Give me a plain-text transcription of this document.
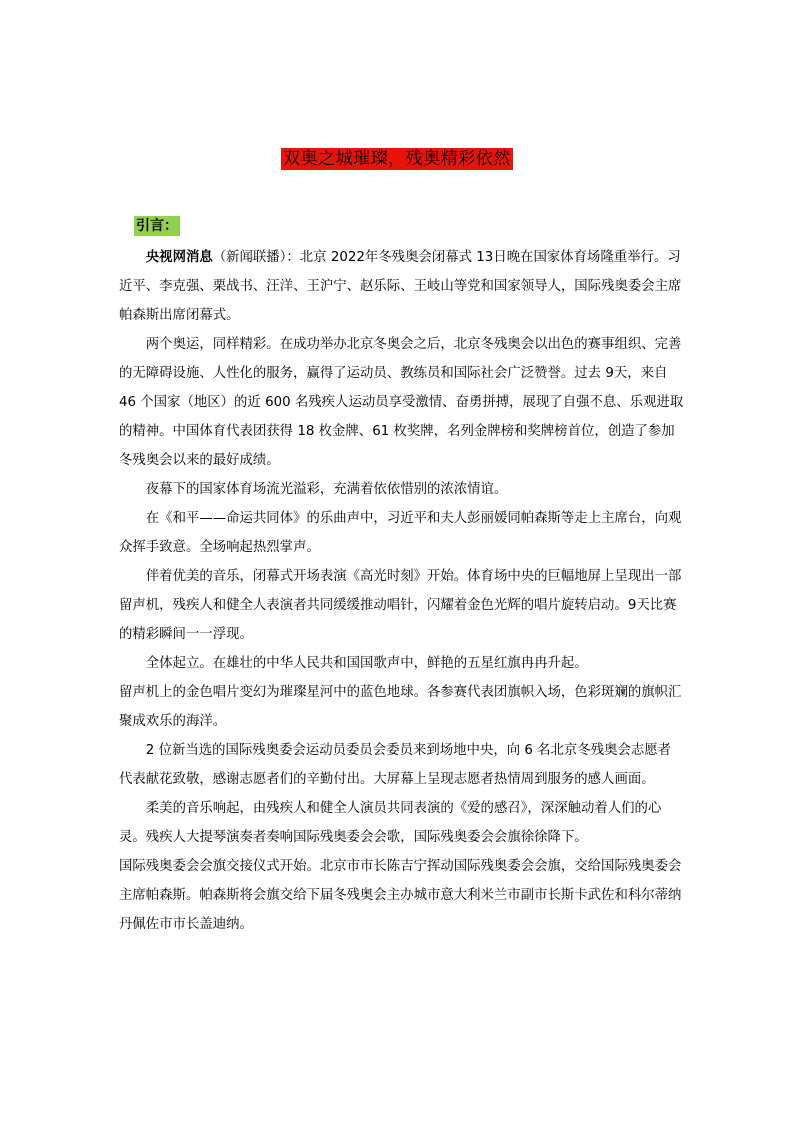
双奥之城璀璨，残奥精彩依然
引言：

央视网消息（新闻联播）：北京 2022年冬残奥会闭幕式 13日晚在国家体育场隆重举行。习近平、李克强、栗战书、汪洋、王沪宁、赵乐际、王岐山等党和国家领导人，国际残奥委会主席帕森斯出席闭幕式。

两个奥运，同样精彩。在成功举办北京冬奥会之后，北京冬残奥会以出色的赛事组织、完善的无障碍设施、人性化的服务，赢得了运动员、教练员和国际社会广泛赞誉。过去 9天，来自 46 个国家（地区）的近 600 名残疾人运动员享受激情、奋勇拼搏，展现了自强不息、乐观进取的精神。中国体育代表团获得 18 枚金牌、61 枚奖牌，名列金牌榜和奖牌榜首位，创造了参加冬残奥会以来的最好成绩。

夜幕下的国家体育场流光溢彩，充满着依依惜别的浓浓情谊。

在《和平——命运共同体》的乐曲声中，习近平和夫人彭丽媛同帕森斯等走上主席台，向观众挥手致意。全场响起热烈掌声。

伴着优美的音乐，闭幕式开场表演《高光时刻》开始。体育场中央的巨幅地屏上呈现出一部留声机，残疾人和健全人表演者共同缓缓推动唱针，闪耀着金色光辉的唱片旋转启动。9天比赛的精彩瞬间一一浮现。

全体起立。在雄壮的中华人民共和国国歌声中，鲜艳的五星红旗冉冉升起。

留声机上的金色唱片变幻为璀璨星河中的蓝色地球。各参赛代表团旗帜入场，色彩斑斓的旗帜汇聚成欢乐的海洋。

2 位新当选的国际残奥委会运动员委员会委员来到场地中央，向 6 名北京冬残奥会志愿者代表献花致敬，感谢志愿者们的辛勤付出。大屏幕上呈现志愿者热情周到服务的感人画面。

柔美的音乐响起，由残疾人和健全人演员共同表演的《爱的感召》，深深触动着人们的心灵。残疾人大提琴演奏者奏响国际残奥委会会歌，国际残奥委会会旗徐徐降下。

国际残奥委会会旗交接仪式开始。北京市市长陈吉宁挥动国际残奥委会会旗，交给国际残奥委会主席帕森斯。帕森斯将会旗交给下届冬残奥会主办城市意大利米兰市副市长斯卡武佐和科尔蒂纳丹佩佐市市长盖迪纳。
